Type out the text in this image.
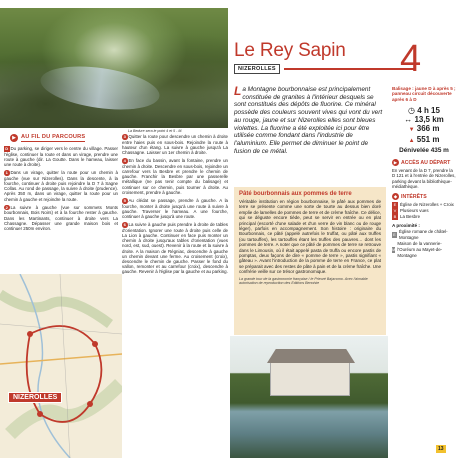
La Bedure sera le point 4 et 5 - M.
▶ AU FIL DU PARCOURS
D Du parking, se diriger vers le centre du village. Passer l'église, continuer la route et dans un virage, prendre une route à gauche (dir. La Goutte. Dans le hameau, laisser une route à droite).
1 Dans un virage, quitter la route pour un chemin à gauche (vue sur Nizerolles). Dans la descente, à la fourche, continuer à droite puis rejoindre la D 7 à Sagne Collas. Au rond de passage, la suivre à droite (prudence). Après 350 m, dans un virage, quitter la route pour un chemin à gauche et rejoindre la route.
2 La suivre à gauche (vue sur sommets Monts bourbonnais, Bois Noirs) et à la fourche rester à gauche. Dans les Martinants, continuer à droite vers La Chassagne. Dépasser une grande maison bois et continuer 250m environ.
3 Quitter la route pour descendre un chemin à droite entre haies puis en sous-bois. Rejoindre la route à hauteur d'un étang. La suivre à gauche jusqu'à La Chassagne. Laisser un 1er chemin à droite.
4 En face du bassin, avant la fontaine, prendre un chemin à droite. Descendre en sous-bois, rejoindre un carrefour vers la Besbre et prendre le chemin de gauche. Franchir la Besbre par une passerelle métallique (ne pas tenir compte du balisage) et continuer sur ce chemin, puis tourner à droite. Au croisement, prendre à gauche.
5 Au clédat se passage, prendre à gauche. A la fourche, monter à droite jusqu'à une route à suivre à gauche. Traverser le hameau. A une fourche, continuer à gauche jusqu'à une route.
6 La suivre à gauche puis prendre à droite de tables d'orientation. Ignorer une route à droite puis celle de La Lion à gauche. Continuer en face puis monter un chemin à droite jusqu'aux tables d'orientation (vues nord, est, sud, ouest). Revenir à la route et la suivre à droite. A la maison de Régniac, descendre à gauche un chemin devant une ferme. Au croisement (croix), descendre le chemin de gauche. Passer le fond du vallon, remonter et au carrefour (croix), descendre à gauche. Revenir à l'église par la gauche et au parking.
NIZEROLLES
Le Rey Sapin
NIZEROLLES	4
La Montagne bourbonnaise est principalement constituée de granites à l'intérieur desquels se sont constitués des dépôts de fluorine. Ce minéral possède des couleurs souvent vives qui vont du vert au rouge, jaune et sur Nizerolles elles sont bleues violettes. La fluorine a été exploitée ici pour être utilisée comme fondant dans l'industrie de l'aluminium. Elle permet de diminuer le point de fusion de ce métal.
Pâté bourbonnais aux pommes de terre
Véritable institution en région bourbonnaise, le pâté aux pommes de terre se présente comme une sorte de tourte au dessus bien doré emplie de lamelles de pommes de terre et de crème fraîche. Ce délice, qui se déguste encore tiède, peut se servir en entrée ou en plat principal (escorté d'une salade et d'un verre de vin blanc ou de rouge léger), parfois en accompagnement. Son histoire : originaire du Bourbonnais, ce pâté (appelé autrefois le truffat, ou pâté aux truffes (ou tartouffes), les tartouffes étant les truffes des pauvres… dont les pommes de terre. A noter que ce pâté de pommes de terre se retrouve dans le Limousin, où il était appelé pasta de truffa ou encore pastis de pomptas, deux façons de dire « pomme de terre », pastis signifiant « gâteau ». Avant l'introduction de la pomme de terre en France, ce plat se préparait avec des restes de pâte à pain et de la crème fraîche. Une confrérie veille sur ce trésor gastronomique.
La grande tour de la gastronomie française / le Prieuré Bajacomo. Avec l'aimable autorisation de reproduction des Editions Benoiste
13
Balisage : jaune D à après 5 ; panneau circuit découverte après 6 à D
◷ 4 h 15
↔ 13,5 km
▼ 366 m
▲ 551 m
Dénivelée 435 m
▶ ACCÈS AU DÉPART
En venant de la D 7, prendre la D 121 et à l'entrée de Nizerolles, parking devant la bibliothèque-médiathèque.
◆ INTÉRÊTS
E Église de Nizerolles + Croix
V Plusieurs vues
B La Besbre
A proximité :
E
Église romane de châtel-Montagne
M
Maison de la vannerie-l'Ouréum au Mayet-de-Montagne
